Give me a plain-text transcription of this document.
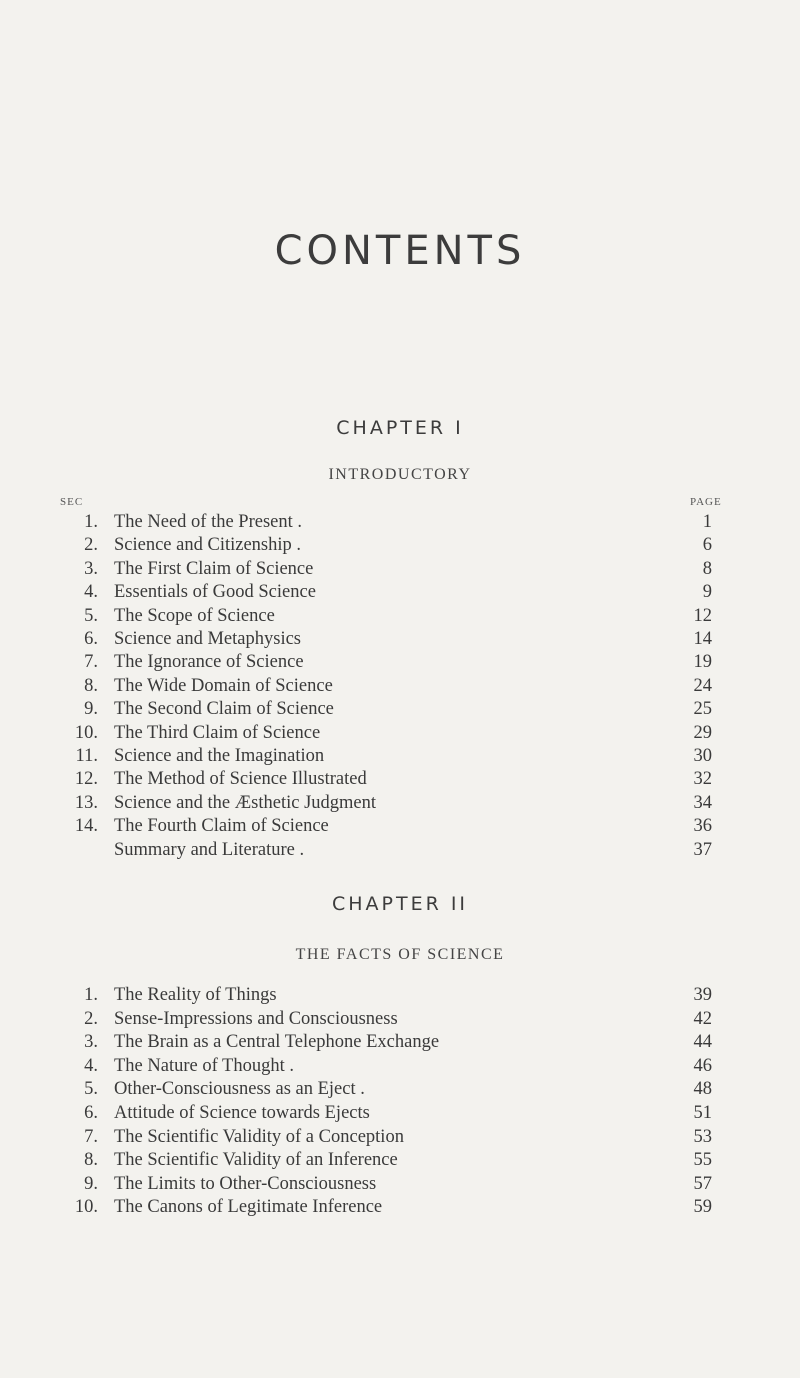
CONTENTS
CHAPTER I
INTRODUCTORY
SEC	PAGE
1. The Need of the Present .	1
2. Science and Citizenship .	6
3. The First Claim of Science	8
4. Essentials of Good Science	9
5. The Scope of Science	12
6. Science and Metaphysics	14
7. The Ignorance of Science	19
8. The Wide Domain of Science	24
9. The Second Claim of Science	25
10. The Third Claim of Science	29
11. Science and the Imagination	30
12. The Method of Science Illustrated	32
13. Science and the Æsthetic Judgment	34
14. The Fourth Claim of Science	36
Summary and Literature .	37
CHAPTER II
THE FACTS OF SCIENCE
1. The Reality of Things	39
2. Sense-Impressions and Consciousness	42
3. The Brain as a Central Telephone Exchange	44
4. The Nature of Thought .	46
5. Other-Consciousness as an Eject .	48
6. Attitude of Science towards Ejects	51
7. The Scientific Validity of a Conception	53
8. The Scientific Validity of an Inference	55
9. The Limits to Other-Consciousness	57
10. The Canons of Legitimate Inference	59
